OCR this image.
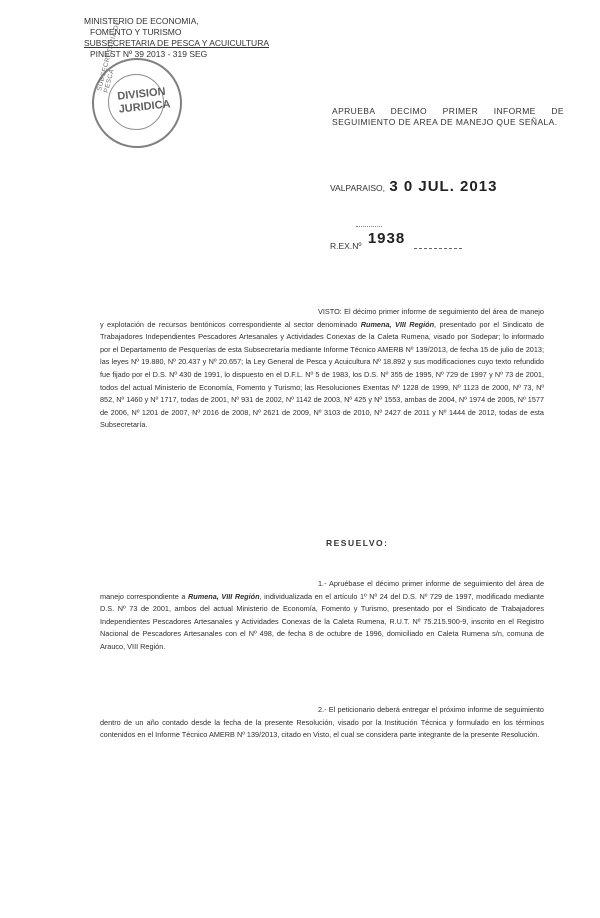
MINISTERIO DE ECONOMIA,
FOMENTO Y TURISMO
SUBSECRETARIA DE PESCA Y ACUICULTURA
PINEST Nº 39 2013 - 319 SEG
SUBSECRETARIA DE PESCA
DIVISION
JURIDICA	APRUEBA DECIMO PRIMER INFORME DE SEGUIMIENTO DE AREA DE MANEJO QUE SEÑALA.
VALPARAISO, 3 0 JUL. 2013
R.EX.Nº 1938
VISTO: El décimo primer informe de seguimiento del área de manejo y explotación de recursos bentónicos correspondiente al sector denominado Rumena, VIII Región, presentado por el Sindicato de Trabajadores Independientes Pescadores Artesanales y Actividades Conexas de la Caleta Rumena, visado por Sodepar; lo informado por el Departamento de Pesquerías de esta Subsecretaría mediante Informe Técnico AMERB Nº 139/2013, de fecha 15 de julio de 2013; las leyes Nº 19.880, Nº 20.437 y Nº 20.657; la Ley General de Pesca y Acuicultura Nº 18.892 y sus modificaciones cuyo texto refundido fue fijado por el D.S. Nº 430 de 1991, lo dispuesto en el D.F.L. Nº 5 de 1983, los D.S. Nº 355 de 1995, Nº 729 de 1997 y Nº 73 de 2001, todos del actual Ministerio de Economía, Fomento y Turismo; las Resoluciones Exentas Nº 1228 de 1999, Nº 1123 de 2000, Nº 73, Nº 852, Nº 1460 y Nº 1717, todas de 2001, Nº 931 de 2002, Nº 1142 de 2003, Nº 425 y Nº 1553, ambas de 2004, Nº 1974 de 2005, Nº 1577 de 2006, Nº 1201 de 2007, Nº 2016 de 2008, Nº 2621 de 2009, Nº 3103 de 2010, Nº 2427 de 2011 y Nº 1444 de 2012, todas de esta Subsecretaría.
RESUELVO:
1.- Apruébase el décimo primer informe de seguimiento del área de manejo correspondiente a Rumena, VIII Región, individualizada en el artículo 1º Nº 24 del D.S. Nº 729 de 1997, modificado mediante D.S. Nº 73 de 2001, ambos del actual Ministerio de Economía, Fomento y Turismo, presentado por el Sindicato de Trabajadores Independientes Pescadores Artesanales y Actividades Conexas de la Caleta Rumena, R.U.T. Nº 75.215.900-9, inscrito en el Registro Nacional de Pescadores Artesanales con el Nº 498, de fecha 8 de octubre de 1996, domiciliado en Caleta Rumena s/n, comuna de Arauco, VIII Región.
2.- El peticionario deberá entregar el próximo informe de seguimiento dentro de un año contado desde la fecha de la presente Resolución, visado por la Institución Técnica y formulado en los términos contenidos en el Informe Técnico AMERB Nº 139/2013, citado en Visto, el cual se considera parte integrante de la presente Resolución.
